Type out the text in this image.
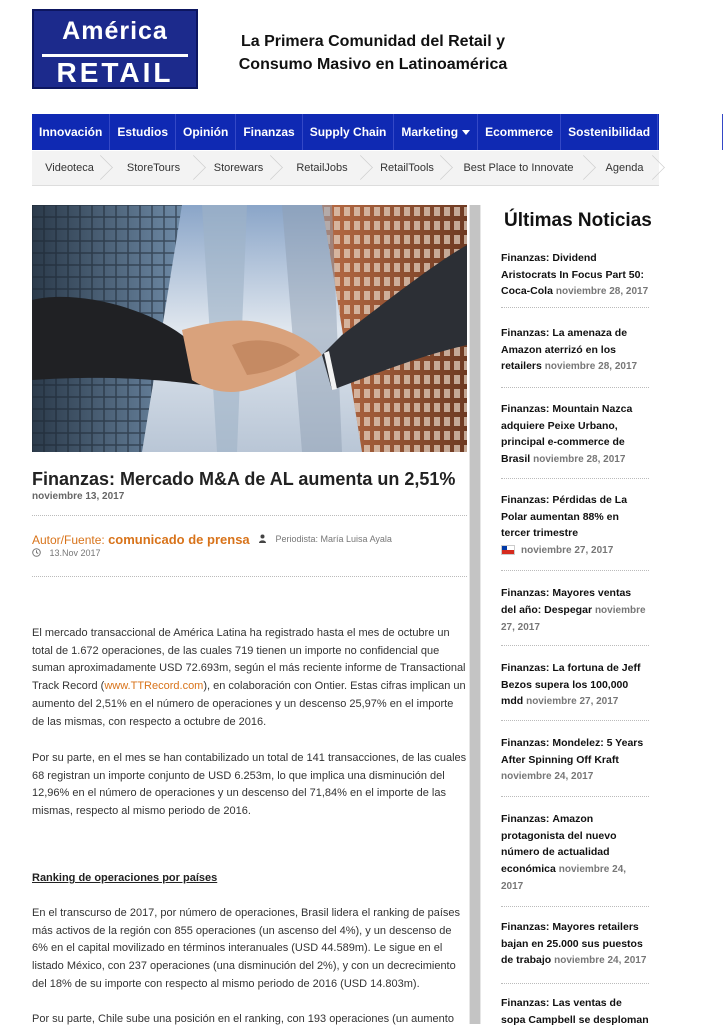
América
RETAIL
La Primera Comunidad del Retail y
Consumo Masivo en Latinoamérica
Innovación Estudios Opinión Finanzas Supply Chain Marketing Ecommerce Sostenibilidad Capacita
Videoteca	StoreTours	Storewars	RetailJobs	RetailTools	Best Place to Innovate	Agenda
Finanzas: Mercado M&A de AL aumenta un 2,51%
noviembre 13, 2017
Autor/Fuente: comunicado de prensa	Periodista: María Luisa Ayala
13.Nov 2017
El mercado transaccional de América Latina ha registrado hasta el mes de octubre un total de 1.672 operaciones, de las cuales 719 tienen un importe no confidencial que suman aproximadamente USD 72.693m, según el más reciente informe de Transactional Track Record (www.TTRecord.com), en colaboración con Ontier. Estas cifras implican un aumento del 2,51% en el número de operaciones y un descenso 25,97% en el importe de las mismas, con respecto a octubre de 2016.
Por su parte, en el mes se han contabilizado un total de 141 transacciones, de las cuales 68 registran un importe conjunto de USD 6.253m, lo que implica una disminución del 12,96% en el número de operaciones y un descenso del 71,84% en el importe de las mismas, respecto al mismo periodo de 2016.
Ranking de operaciones por países
En el transcurso de 2017, por número de operaciones, Brasil lidera el ranking de países más activos de la región con 855 operaciones (un ascenso del 4%), y un descenso de 6% en el capital movilizado en términos interanuales (USD 44.589m). Le sigue en el listado México, con 237 operaciones (una disminución del 2%), y con un decrecimiento del 18% de su importe con respecto al mismo periodo de 2016 (USD 14.803m).
Por su parte, Chile sube una posición en el ranking, con 193 operaciones (un aumento
Últimas Noticias
Finanzas: Dividend Aristocrats In Focus Part 50: Coca-Cola noviembre 28, 2017
Finanzas: La amenaza de Amazon aterrizó en los retailers noviembre 28, 2017
Finanzas: Mountain Nazca adquiere Peixe Urbano, principal e-commerce de Brasil noviembre 28, 2017
Finanzas: Pérdidas de La Polar aumentan 88% en tercer trimestre
noviembre 27, 2017
Finanzas: Mayores ventas del año: Despegar noviembre 27, 2017
Finanzas: La fortuna de Jeff Bezos supera los 100,000 mdd noviembre 27, 2017
Finanzas: Mondelez: 5 Years After Spinning Off Kraft noviembre 24, 2017
Finanzas: Amazon protagonista del nuevo número de actualidad económica noviembre 24, 2017
Finanzas: Mayores retailers bajan en 25.000 sus puestos de trabajo noviembre 24, 2017
Finanzas: Las ventas de sopa Campbell se desploman
